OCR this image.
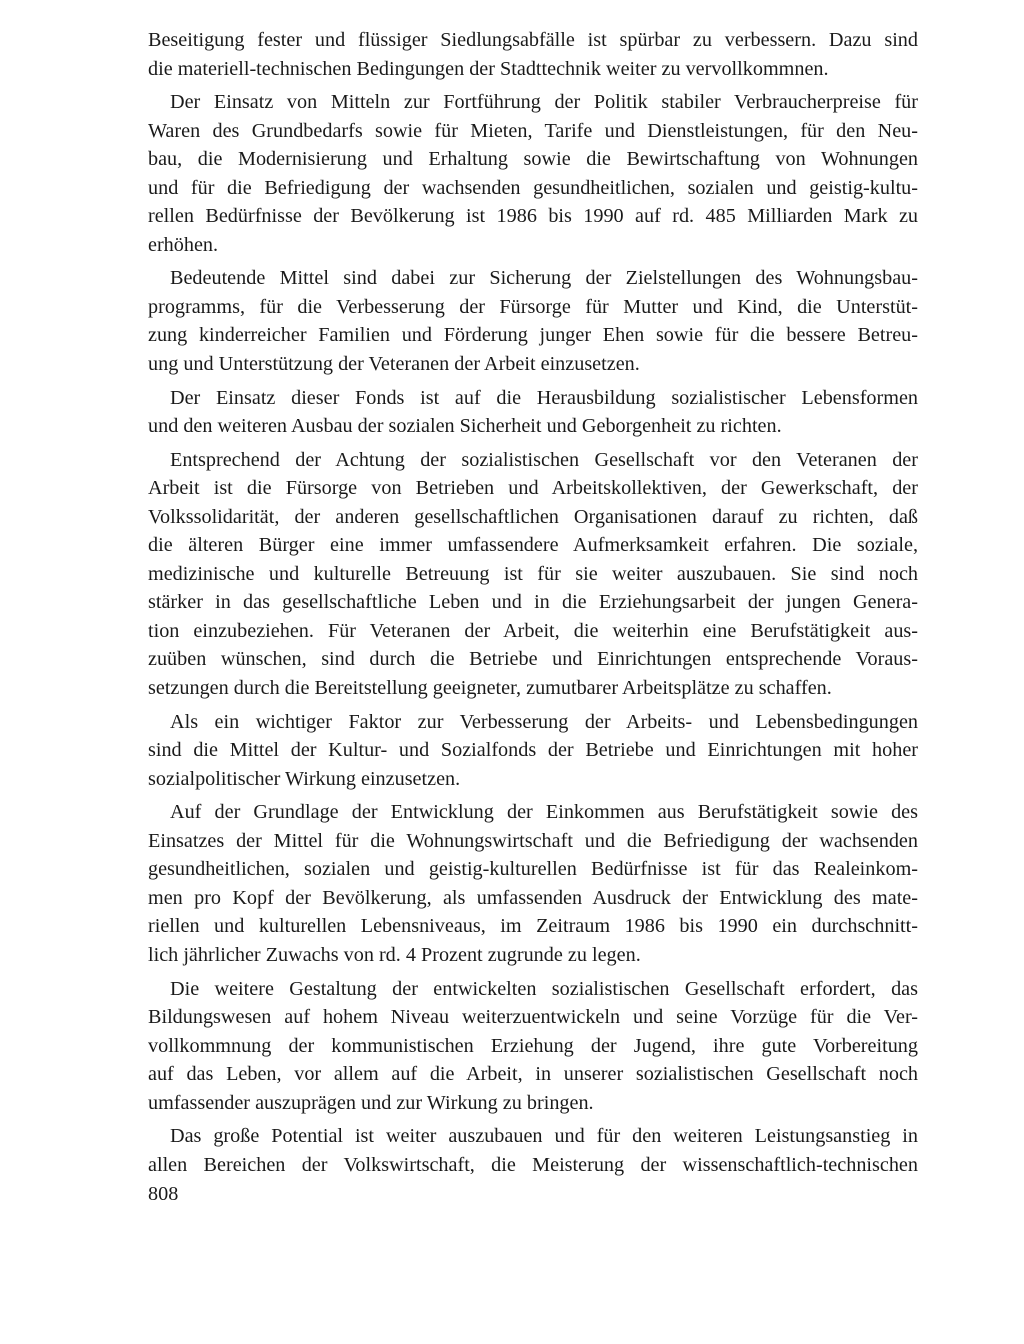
Beseitigung fester und flüssiger Siedlungsabfälle ist spürbar zu verbessern. Dazu sind
die materiell-technischen Bedingungen der Stadttechnik weiter zu vervollkommnen.
Der Einsatz von Mitteln zur Fortführung der Politik stabiler Verbraucherpreise für
Waren des Grundbedarfs sowie für Mieten, Tarife und Dienstleistungen, für den Neu-
bau, die Modernisierung und Erhaltung sowie die Bewirtschaftung von Wohnungen
und für die Befriedigung der wachsenden gesundheitlichen, sozialen und geistig-kultu-
rellen Bedürfnisse der Bevölkerung ist 1986 bis 1990 auf rd. 485 Milliarden Mark zu
erhöhen.
Bedeutende Mittel sind dabei zur Sicherung der Zielstellungen des Wohnungsbau-
programms, für die Verbesserung der Fürsorge für Mutter und Kind, die Unterstüt-
zung kinderreicher Familien und Förderung junger Ehen sowie für die bessere Betreu-
ung und Unterstützung der Veteranen der Arbeit einzusetzen.
Der Einsatz dieser Fonds ist auf die Herausbildung sozialistischer Lebensformen
und den weiteren Ausbau der sozialen Sicherheit und Geborgenheit zu richten.
Entsprechend der Achtung der sozialistischen Gesellschaft vor den Veteranen der
Arbeit ist die Fürsorge von Betrieben und Arbeitskollektiven, der Gewerkschaft, der
Volkssolidarität, der anderen gesellschaftlichen Organisationen darauf zu richten, daß
die älteren Bürger eine immer umfassendere Aufmerksamkeit erfahren. Die soziale,
medizinische und kulturelle Betreuung ist für sie weiter auszubauen. Sie sind noch
stärker in das gesellschaftliche Leben und in die Erziehungsarbeit der jungen Genera-
tion einzubeziehen. Für Veteranen der Arbeit, die weiterhin eine Berufstätigkeit aus-
zuüben wünschen, sind durch die Betriebe und Einrichtungen entsprechende Voraus-
setzungen durch die Bereitstellung geeigneter, zumutbarer Arbeitsplätze zu schaffen.
Als ein wichtiger Faktor zur Verbesserung der Arbeits- und Lebensbedingungen
sind die Mittel der Kultur- und Sozialfonds der Betriebe und Einrichtungen mit hoher
sozialpolitischer Wirkung einzusetzen.
Auf der Grundlage der Entwicklung der Einkommen aus Berufstätigkeit sowie des
Einsatzes der Mittel für die Wohnungswirtschaft und die Befriedigung der wachsenden
gesundheitlichen, sozialen und geistig-kulturellen Bedürfnisse ist für das Realeinkom-
men pro Kopf der Bevölkerung, als umfassenden Ausdruck der Entwicklung des mate-
riellen und kulturellen Lebensniveaus, im Zeitraum 1986 bis 1990 ein durchschnitt-
lich jährlicher Zuwachs von rd. 4 Prozent zugrunde zu legen.
Die weitere Gestaltung der entwickelten sozialistischen Gesellschaft erfordert, das
Bildungswesen auf hohem Niveau weiterzuentwickeln und seine Vorzüge für die Ver-
vollkommnung der kommunistischen Erziehung der Jugend, ihre gute Vorbereitung
auf das Leben, vor allem auf die Arbeit, in unserer sozialistischen Gesellschaft noch
umfassender auszuprägen und zur Wirkung zu bringen.
Das große Potential ist weiter auszubauen und für den weiteren Leistungsanstieg in
allen Bereichen der Volkswirtschaft, die Meisterung der wissenschaftlich-technischen
808
